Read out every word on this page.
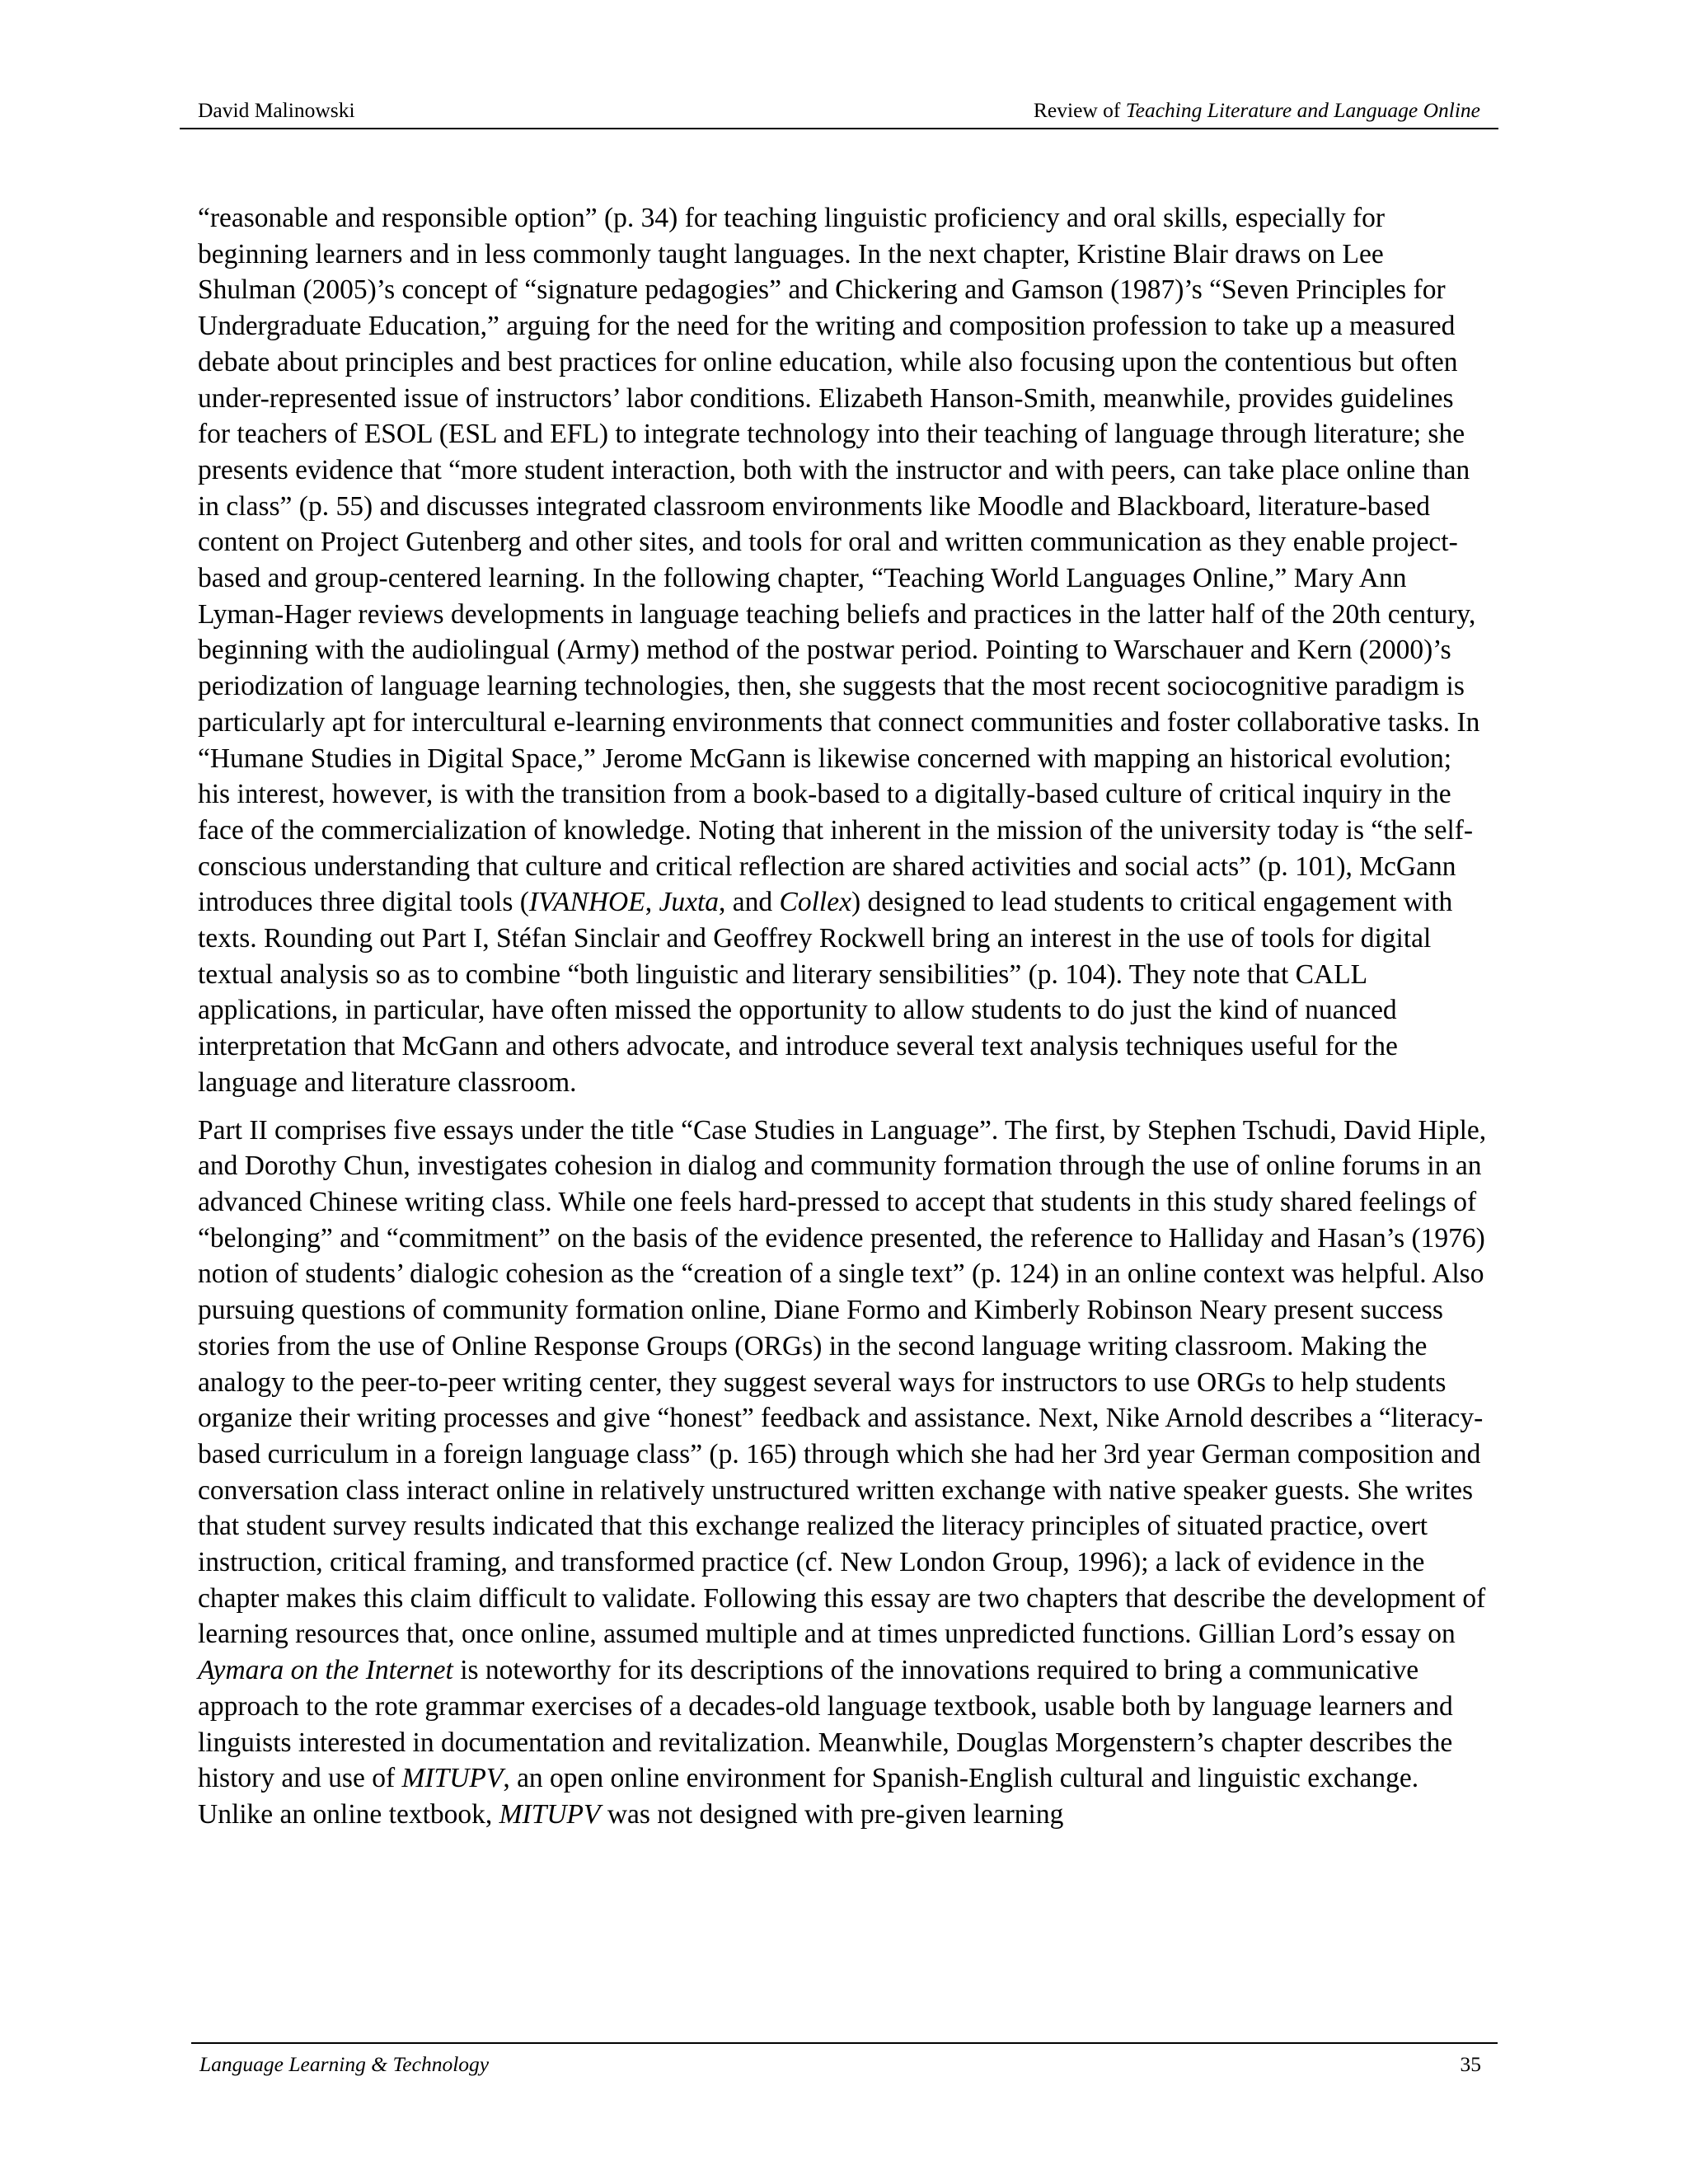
David Malinowski	Review of Teaching Literature and Language Online

“reasonable and responsible option” (p. 34) for teaching linguistic proficiency and oral skills, especially for beginning learners and in less commonly taught languages. In the next chapter, Kristine Blair draws on Lee Shulman (2005)’s concept of “signature pedagogies” and Chickering and Gamson (1987)’s “Seven Principles for Undergraduate Education,” arguing for the need for the writing and composition profession to take up a measured debate about principles and best practices for online education, while also focusing upon the contentious but often under-represented issue of instructors’ labor conditions. Elizabeth Hanson-Smith, meanwhile, provides guidelines for teachers of ESOL (ESL and EFL) to integrate technology into their teaching of language through literature; she presents evidence that “more student interaction, both with the instructor and with peers, can take place online than in class” (p. 55) and discusses integrated classroom environments like Moodle and Blackboard, literature-based content on Project Gutenberg and other sites, and tools for oral and written communication as they enable project-based and group-centered learning. In the following chapter, “Teaching World Languages Online,” Mary Ann Lyman-Hager reviews developments in language teaching beliefs and practices in the latter half of the 20th century, beginning with the audiolingual (Army) method of the postwar period. Pointing to Warschauer and Kern (2000)’s periodization of language learning technologies, then, she suggests that the most recent sociocognitive paradigm is particularly apt for intercultural e-learning environments that connect communities and foster collaborative tasks. In “Humane Studies in Digital Space,” Jerome McGann is likewise concerned with mapping an historical evolution; his interest, however, is with the transition from a book-based to a digitally-based culture of critical inquiry in the face of the commercialization of knowledge. Noting that inherent in the mission of the university today is “the self-conscious understanding that culture and critical reflection are shared activities and social acts” (p. 101), McGann introduces three digital tools (IVANHOE, Juxta, and Collex) designed to lead students to critical engagement with texts. Rounding out Part I, Stéfan Sinclair and Geoffrey Rockwell bring an interest in the use of tools for digital textual analysis so as to combine “both linguistic and literary sensibilities” (p. 104). They note that CALL applications, in particular, have often missed the opportunity to allow students to do just the kind of nuanced interpretation that McGann and others advocate, and introduce several text analysis techniques useful for the language and literature classroom.

Part II comprises five essays under the title “Case Studies in Language”. The first, by Stephen Tschudi, David Hiple, and Dorothy Chun, investigates cohesion in dialog and community formation through the use of online forums in an advanced Chinese writing class. While one feels hard-pressed to accept that students in this study shared feelings of “belonging” and “commitment” on the basis of the evidence presented, the reference to Halliday and Hasan’s (1976) notion of students’ dialogic cohesion as the “creation of a single text” (p. 124) in an online context was helpful. Also pursuing questions of community formation online, Diane Formo and Kimberly Robinson Neary present success stories from the use of Online Response Groups (ORGs) in the second language writing classroom. Making the analogy to the peer-to-peer writing center, they suggest several ways for instructors to use ORGs to help students organize their writing processes and give “honest” feedback and assistance. Next, Nike Arnold describes a “literacy-based curriculum in a foreign language class” (p. 165) through which she had her 3rd year German composition and conversation class interact online in relatively unstructured written exchange with native speaker guests. She writes that student survey results indicated that this exchange realized the literacy principles of situated practice, overt instruction, critical framing, and transformed practice (cf. New London Group, 1996); a lack of evidence in the chapter makes this claim difficult to validate. Following this essay are two chapters that describe the development of learning resources that, once online, assumed multiple and at times unpredicted functions. Gillian Lord’s essay on Aymara on the Internet is noteworthy for its descriptions of the innovations required to bring a communicative approach to the rote grammar exercises of a decades-old language textbook, usable both by language learners and linguists interested in documentation and revitalization. Meanwhile, Douglas Morgenstern’s chapter describes the history and use of MITUPV, an open online environment for Spanish-English cultural and linguistic exchange. Unlike an online textbook, MITUPV was not designed with pre-given learning

Language Learning & Technology	35
